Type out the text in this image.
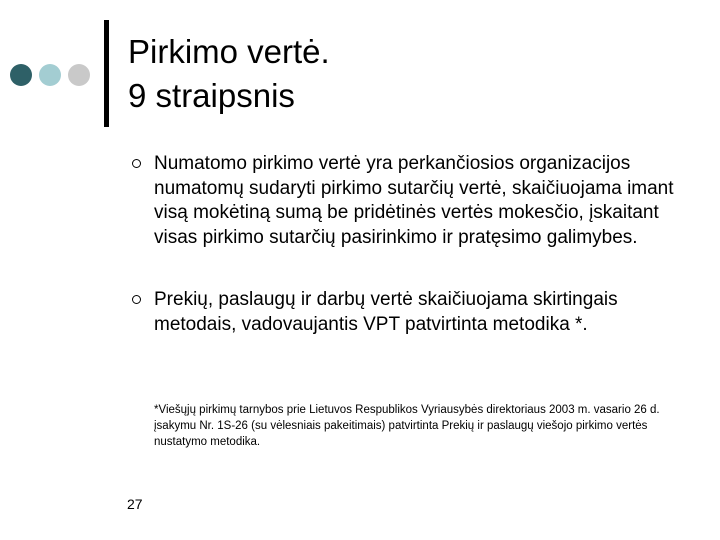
Pirkimo vertė.
9 straipsnis
Numatomo pirkimo vertė yra perkančiosios organizacijos numatomų sudaryti pirkimo sutarčių vertė, skaičiuojama imant visą mokėtiną sumą be pridėtinės vertės mokesčio, įskaitant visas pirkimo sutarčių pasirinkimo ir pratęsimo galimybes.
Prekių, paslaugų ir darbų vertė skaičiuojama skirtingais metodais, vadovaujantis VPT patvirtinta metodika *.
*Viešųjų pirkimų tarnybos prie Lietuvos Respublikos Vyriausybės direktoriaus 2003 m. vasario 26 d. įsakymu Nr. 1S-26 (su vėlesniais pakeitimais) patvirtinta Prekių ir paslaugų viešojo pirkimo vertės nustatymo metodika.
27
